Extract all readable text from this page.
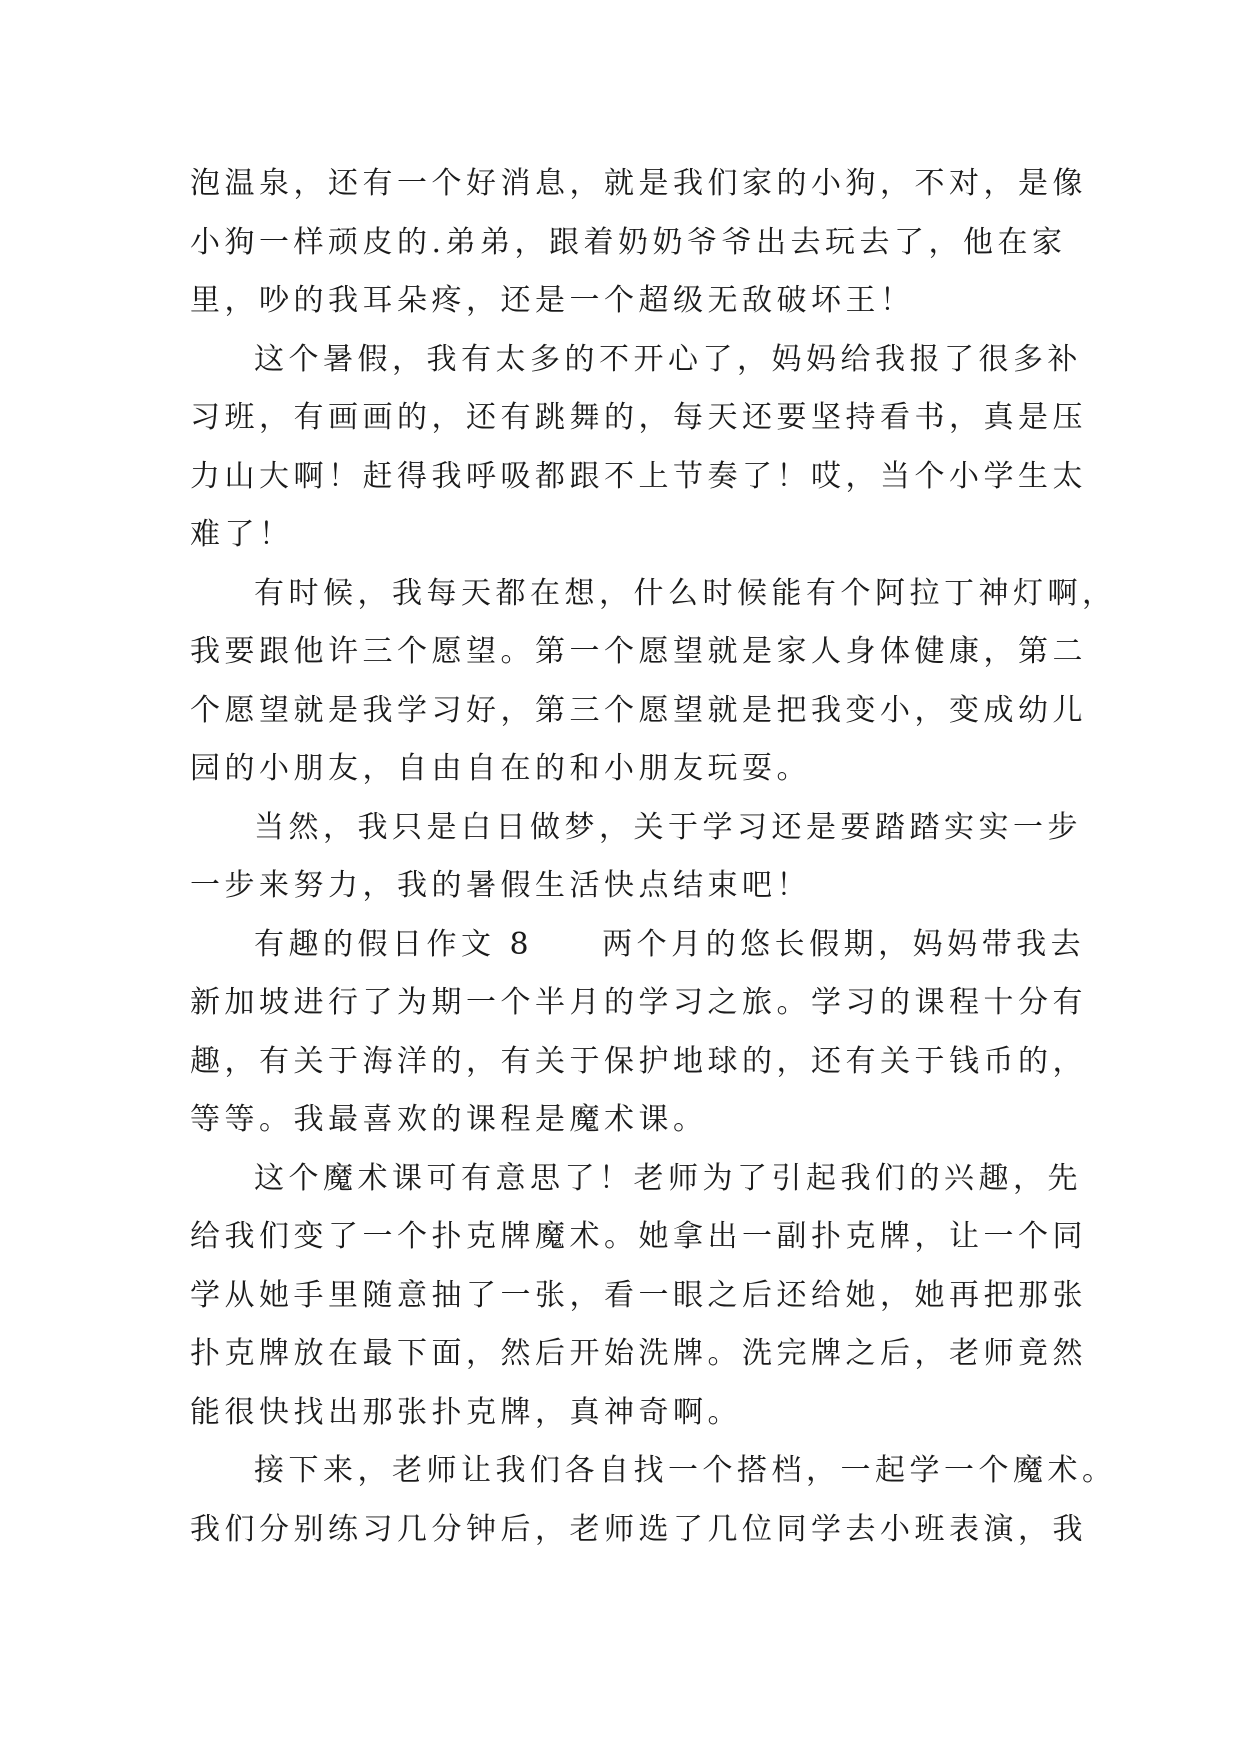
泡温泉，还有一个好消息，就是我们家的小狗，不对，是像
小狗一样顽皮的.弟弟，跟着奶奶爷爷出去玩去了，他在家
里，吵的我耳朵疼，还是一个超级无敌破坏王！
这个暑假，我有太多的不开心了，妈妈给我报了很多补
习班，有画画的，还有跳舞的，每天还要坚持看书，真是压
力山大啊！赶得我呼吸都跟不上节奏了！哎，当个小学生太
难了！
有时候，我每天都在想，什么时候能有个阿拉丁神灯啊，
我要跟他许三个愿望。第一个愿望就是家人身体健康，第二
个愿望就是我学习好，第三个愿望就是把我变小，变成幼儿
园的小朋友，自由自在的和小朋友玩耍。
当然，我只是白日做梦，关于学习还是要踏踏实实一步
一步来努力，我的暑假生活快点结束吧！
有趣的假日作文 8　　两个月的悠长假期，妈妈带我去
新加坡进行了为期一个半月的学习之旅。学习的课程十分有
趣，有关于海洋的，有关于保护地球的，还有关于钱币的，
等等。我最喜欢的课程是魔术课。
这个魔术课可有意思了！老师为了引起我们的兴趣，先
给我们变了一个扑克牌魔术。她拿出一副扑克牌，让一个同
学从她手里随意抽了一张，看一眼之后还给她，她再把那张
扑克牌放在最下面，然后开始洗牌。洗完牌之后，老师竟然
能很快找出那张扑克牌，真神奇啊。
接下来，老师让我们各自找一个搭档，一起学一个魔术。
我们分别练习几分钟后，老师选了几位同学去小班表演，我
